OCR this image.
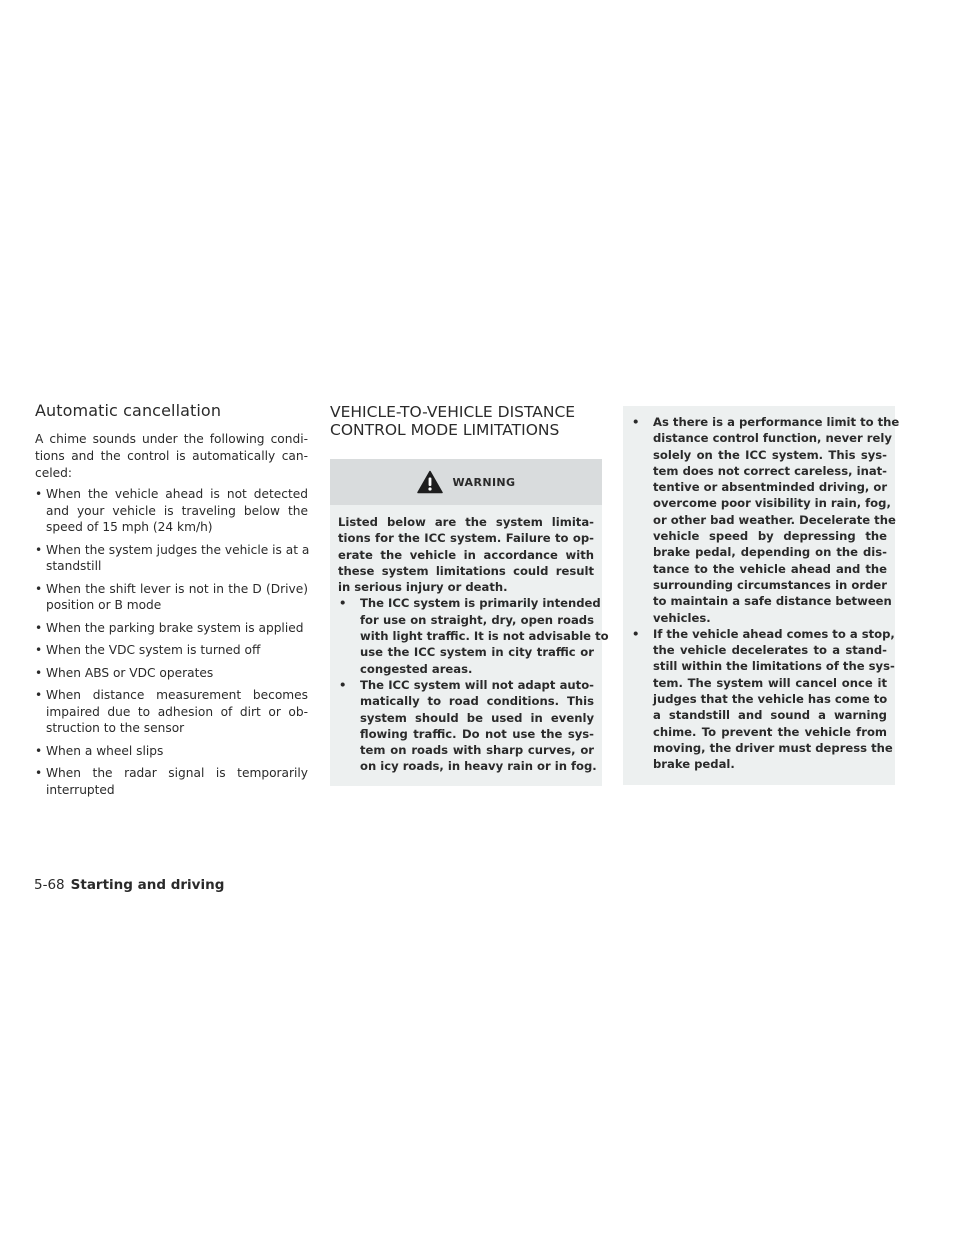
Automatic cancellation

A chime sounds under the following condi-
tions and the control is automatically can-
celed:

• When the vehicle ahead is not detected
and your vehicle is traveling below the
speed of 15 mph (24 km/h)
• When the system judges the vehicle is at a
standstill
• When the shift lever is not in the D (Drive)
position or B mode
• When the parking brake system is applied
• When the VDC system is turned off
• When ABS or VDC operates
• When distance measurement becomes
impaired due to adhesion of dirt or ob-
struction to the sensor
• When a wheel slips
• When the radar signal is temporarily
interrupted
VEHICLE-TO-VEHICLE DISTANCE
CONTROL MODE LIMITATIONS
WARNING
Listed below are the system limita-
tions for the ICC system. Failure to op-
erate the vehicle in accordance with
these system limitations could result
in serious injury or death.
•	The ICC system is primarily intended
for use on straight, dry, open roads
with light traffic. It is not advisable to
use the ICC system in city traffic or
congested areas.
•	The ICC system will not adapt auto-
matically to road conditions. This
system should be used in evenly
flowing traffic. Do not use the sys-
tem on roads with sharp curves, or
on icy roads, in heavy rain or in fog.
•	As there is a performance limit to the
distance control function, never rely
solely on the ICC system. This sys-
tem does not correct careless, inat-
tentive or absentminded driving, or
overcome poor visibility in rain, fog,
or other bad weather. Decelerate the
vehicle speed by depressing the
brake pedal, depending on the dis-
tance to the vehicle ahead and the
surrounding circumstances in order
to maintain a safe distance between
vehicles.
•	If the vehicle ahead comes to a stop,
the vehicle decelerates to a stand-
still within the limitations of the sys-
tem. The system will cancel once it
judges that the vehicle has come to
a standstill and sound a warning
chime. To prevent the vehicle from
moving, the driver must depress the
brake pedal.
5-68 Starting and driving
